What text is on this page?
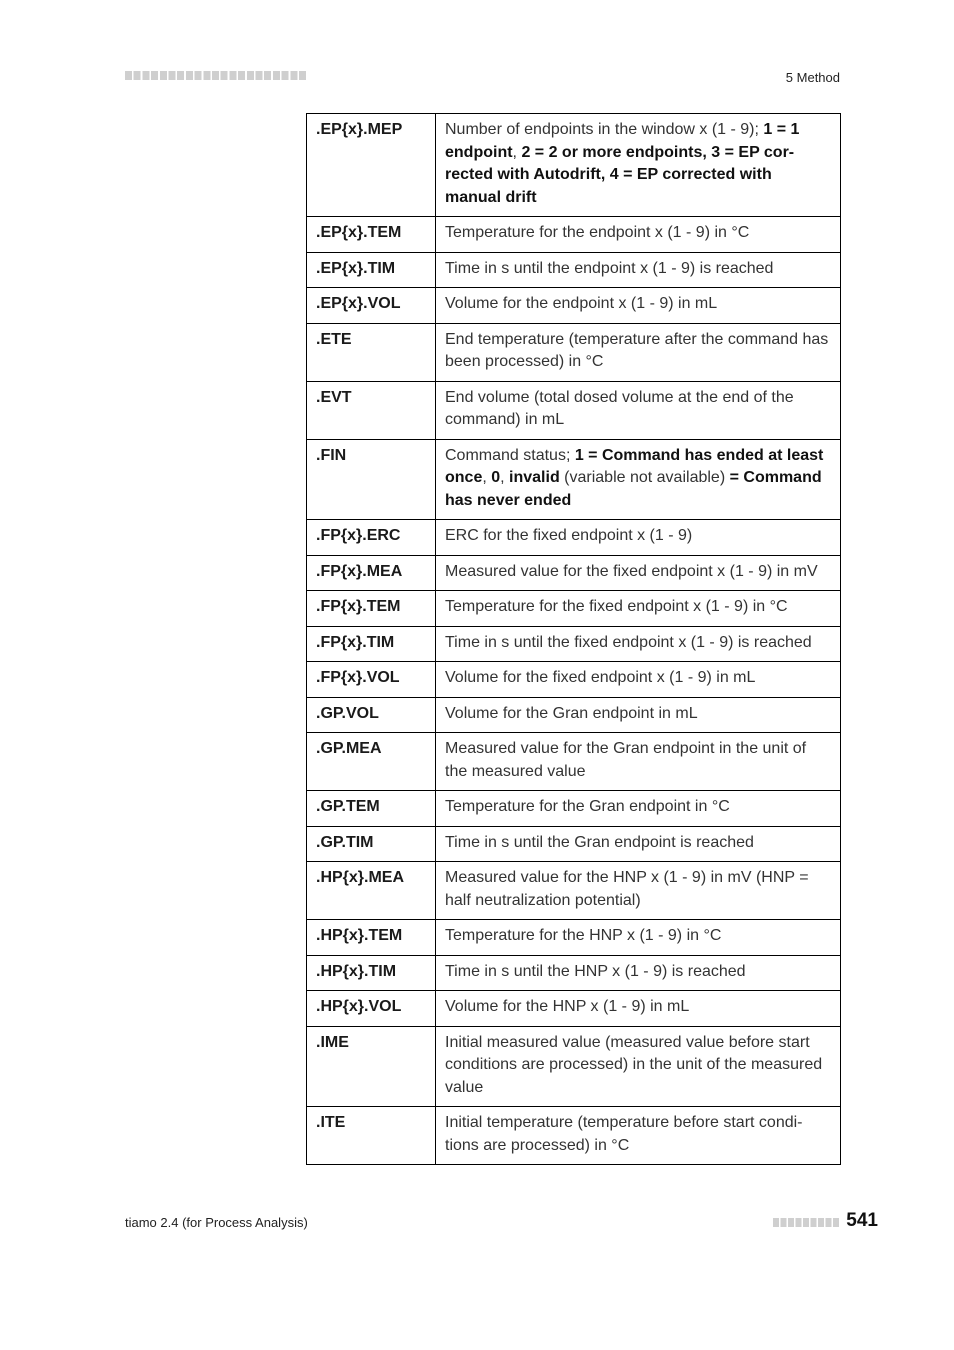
5 Method
.EP{x}.MEP	Number of endpoints in the window x (1 - 9); 1 = 1 endpoint, 2 = 2 or more endpoints, 3 = EP cor-rected with Autodrift, 4 = EP corrected with manual drift
.EP{x}.TEM	Temperature for the endpoint x (1 - 9) in °C
.EP{x}.TIM	Time in s until the endpoint x (1 - 9) is reached
.EP{x}.VOL	Volume for the endpoint x (1 - 9) in mL
.ETE	End temperature (temperature after the command has been processed) in °C
.EVT	End volume (total dosed volume at the end of the command) in mL
.FIN	Command status; 1 = Command has ended at least once, 0, invalid (variable not available) = Command has never ended
.FP{x}.ERC	ERC for the fixed endpoint x (1 - 9)
.FP{x}.MEA	Measured value for the fixed endpoint x (1 - 9) in mV
.FP{x}.TEM	Temperature for the fixed endpoint x (1 - 9) in °C
.FP{x}.TIM	Time in s until the fixed endpoint x (1 - 9) is reached
.FP{x}.VOL	Volume for the fixed endpoint x (1 - 9) in mL
.GP.VOL	Volume for the Gran endpoint in mL
.GP.MEA	Measured value for the Gran endpoint in the unit of the measured value
.GP.TEM	Temperature for the Gran endpoint in °C
.GP.TIM	Time in s until the Gran endpoint is reached
.HP{x}.MEA	Measured value for the HNP x (1 - 9) in mV (HNP = half neutralization potential)
.HP{x}.TEM	Temperature for the HNP x (1 - 9) in °C
.HP{x}.TIM	Time in s until the HNP x (1 - 9) is reached
.HP{x}.VOL	Volume for the HNP x (1 - 9) in mL
.IME	Initial measured value (measured value before start conditions are processed) in the unit of the measured value
.ITE	Initial temperature (temperature before start condi-tions are processed) in °C
tiamo 2.4 (for Process Analysis)	541
